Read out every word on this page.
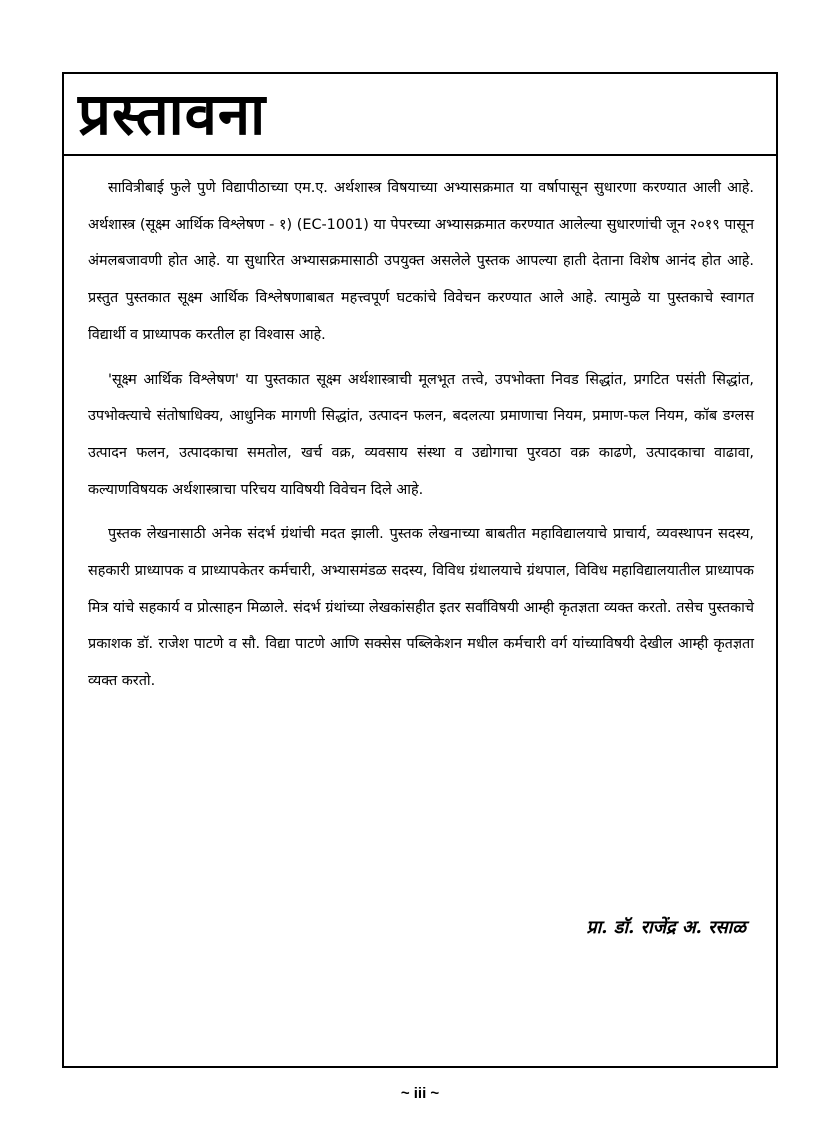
प्रस्तावना

सावित्रीबाई फुले पुणे विद्यापीठाच्या एम.ए. अर्थशास्त्र विषयाच्या अभ्यासक्रमात या वर्षापासून सुधारणा करण्यात आली आहे. अर्थशास्त्र (सूक्ष्म आर्थिक विश्लेषण - १) (EC-1001) या पेपरच्या अभ्यासक्रमात करण्यात आलेल्या सुधारणांची जून २०१९ पासून अंमलबजावणी होत आहे. या सुधारित अभ्यासक्रमासाठी उपयुक्त असलेले पुस्तक आपल्या हाती देताना विशेष आनंद होत आहे. प्रस्तुत पुस्तकात सूक्ष्म आर्थिक विश्लेषणाबाबत महत्त्वपूर्ण घटकांचे विवेचन करण्यात आले आहे. त्यामुळे या पुस्तकाचे स्वागत विद्यार्थी व प्राध्यापक करतील हा विश्वास आहे.

'सूक्ष्म आर्थिक विश्लेषण' या पुस्तकात सूक्ष्म अर्थशास्त्राची मूलभूत तत्त्वे, उपभोक्ता निवड सिद्धांत, प्रगटित पसंती सिद्धांत, उपभोक्त्याचे संतोषाधिक्य, आधुनिक मागणी सिद्धांत, उत्पादन फलन, बदलत्या प्रमाणाचा नियम, प्रमाण-फल नियम, कॉब डग्लस उत्पादन फलन, उत्पादकाचा समतोल, खर्च वक्र, व्यवसाय संस्था व उद्योगाचा पुरवठा वक्र काढणे, उत्पादकाचा वाढावा, कल्याणविषयक अर्थशास्त्राचा परिचय याविषयी विवेचन दिले आहे.

पुस्तक लेखनासाठी अनेक संदर्भ ग्रंथांची मदत झाली. पुस्तक लेखनाच्या बाबतीत महाविद्यालयाचे प्राचार्य, व्यवस्थापन सदस्य, सहकारी प्राध्यापक व प्राध्यापकेतर कर्मचारी, अभ्यासमंडळ सदस्य, विविध ग्रंथालयाचे ग्रंथपाल, विविध महाविद्यालयातील प्राध्यापक मित्र यांचे सहकार्य व प्रोत्साहन मिळाले. संदर्भ ग्रंथांच्या लेखकांसहीत इतर सर्वांविषयी आम्ही कृतज्ञता व्यक्त करतो. तसेच पुस्तकाचे प्रकाशक डॉ. राजेश पाटणे व सौ. विद्या पाटणे आणि सक्सेस पब्लिकेशन मधील कर्मचारी वर्ग यांच्याविषयी देखील आम्ही कृतज्ञता व्यक्त करतो.

प्रा. डॉ. राजेंद्र अ. रसाळ
~ iii ~
